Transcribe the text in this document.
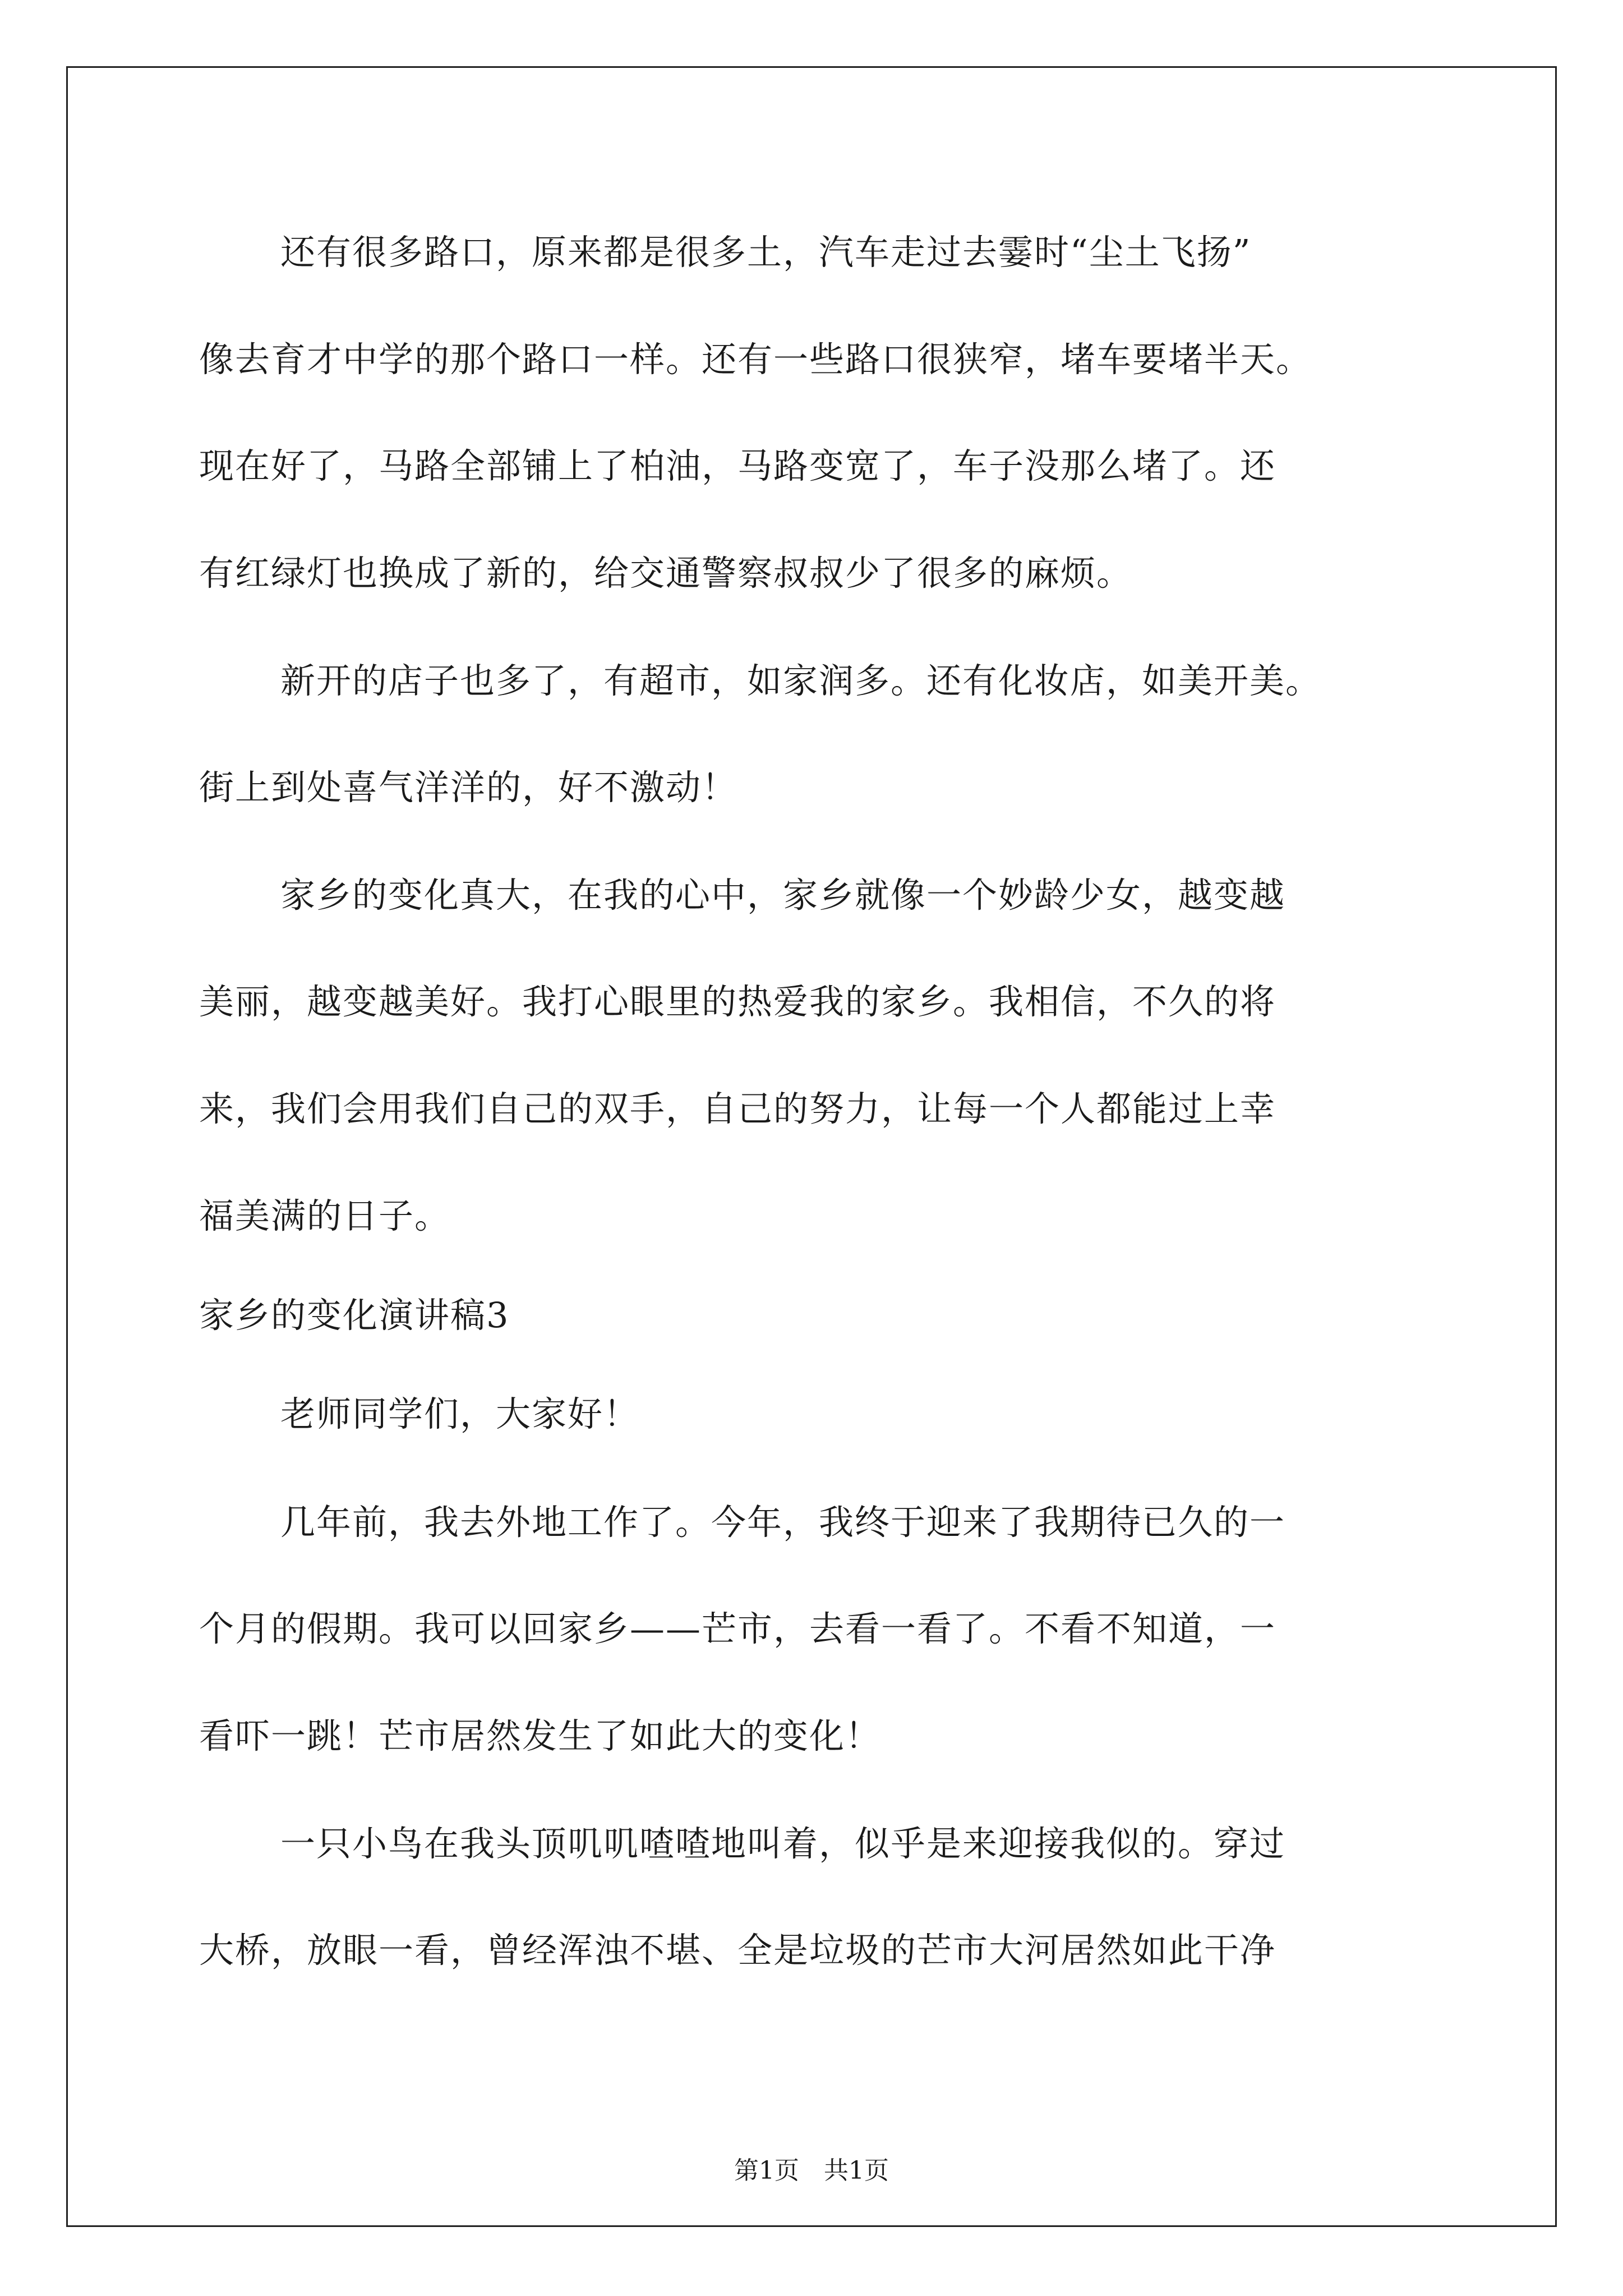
还有很多路口，原来都是很多土，汽车走过去霎时“尘土飞扬”
像去育才中学的那个路口一样。还有一些路口很狭窄，堵车要堵半天。
现在好了，马路全部铺上了柏油，马路变宽了，车子没那么堵了。还
有红绿灯也换成了新的，给交通警察叔叔少了很多的麻烦。
新开的店子也多了，有超市，如家润多。还有化妆店，如美开美。
街上到处喜气洋洋的，好不激动！
家乡的变化真大，在我的心中，家乡就像一个妙龄少女，越变越
美丽，越变越美好。我打心眼里的热爱我的家乡。我相信，不久的将
来，我们会用我们自己的双手，自己的努力，让每一个人都能过上幸
福美满的日子。
家乡的变化演讲稿3
老师同学们，大家好！
几年前，我去外地工作了。今年，我终于迎来了我期待已久的一
个月的假期。我可以回家乡——芒市，去看一看了。不看不知道，一
看吓一跳！芒市居然发生了如此大的变化！
一只小鸟在我头顶叽叽喳喳地叫着，似乎是来迎接我似的。穿过
大桥，放眼一看，曾经浑浊不堪、全是垃圾的芒市大河居然如此干净
第1页　共1页
